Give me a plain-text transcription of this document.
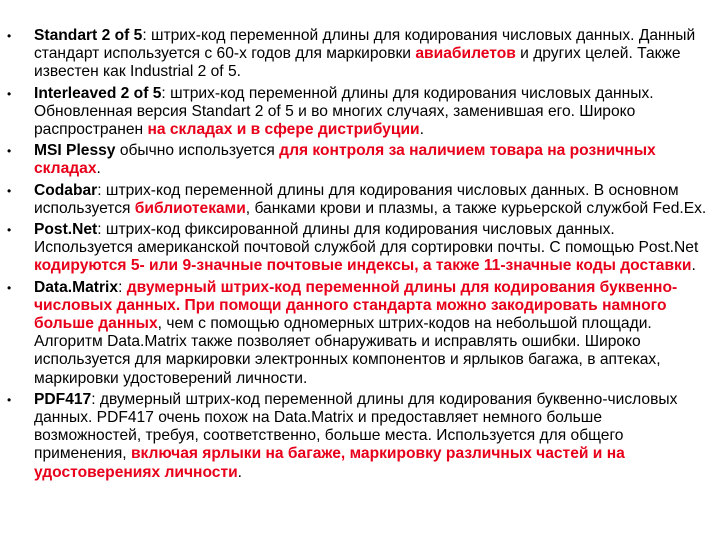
• Standart 2 of 5: штрих-код переменной длины для кодирования числовых данных. Данный стандарт используется с 60-х годов для маркировки авиабилетов и других целей. Также известен как Industrial 2 of 5.
• Interleaved 2 of 5: штрих-код переменной длины для кодирования числовых данных. Обновленная версия Standart 2 of 5 и во многих случаях, заменившая его. Широко распространен на складах и в сфере дистрибуции.
• MSI Plessy обычно используется для контроля за наличием товара на розничных складах.
• Codabar: штрих-код переменной длины для кодирования числовых данных. В основном используется библиотеками, банками крови и плазмы, а также курьерской службой Fed.Ex.
• Post.Net: штрих-код фиксированной длины для кодирования числовых данных. Используется американской почтовой службой для сортировки почты. С помощью Post.Net кодируются 5- или 9-значные почтовые индексы, а также 11-значные коды доставки.
• Data.Matrix: двумерный штрих-код переменной длины для кодирования буквенно-числовых данных. При помощи данного стандарта можно закодировать намного больше данных, чем с помощью одномерных штрих-кодов на небольшой площади. Алгоритм Data.Matrix также позволяет обнаруживать и исправлять ошибки. Широко используется для маркировки электронных компонентов и ярлыков багажа, в аптеках, маркировки удостоверений личности.
• PDF417: двумерный штрих-код переменной длины для кодирования буквенно-числовых данных. PDF417 очень похож на Data.Matrix и предоставляет немного больше возможностей, требуя, соответственно, больше места. Используется для общего применения, включая ярлыки на багаже, маркировку различных частей и на удостоверениях личности.
